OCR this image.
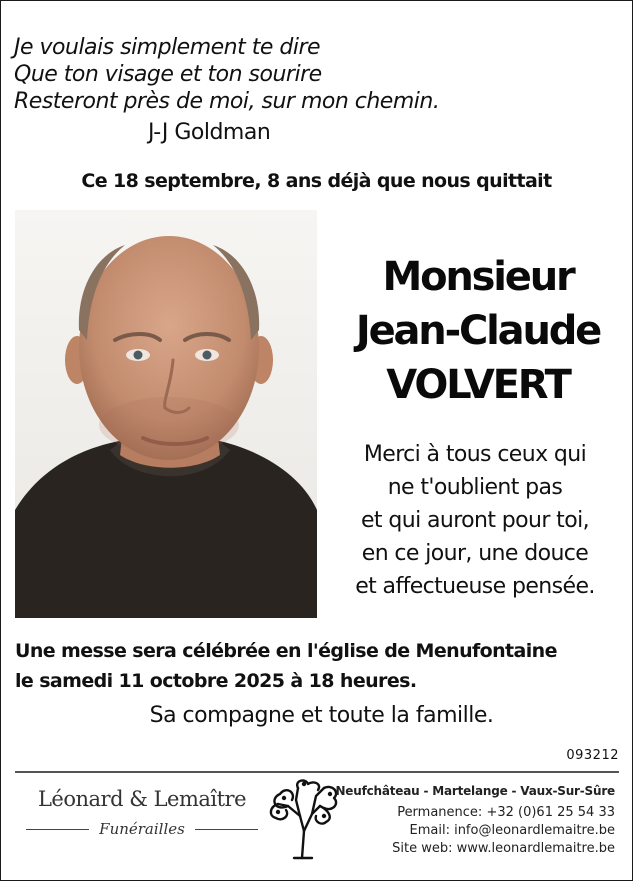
Je voulais simplement te dire
Que ton visage et ton sourire
Resteront près de moi, sur mon chemin.
J-J Goldman
Ce 18 septembre, 8 ans déjà que nous quittait
Monsieur
Jean-Claude
VOLVERT
Merci à tous ceux qui
ne t'oublient pas
et qui auront pour toi,
en ce jour, une douce
et affectueuse pensée.
Une messe sera célébrée en l'église de Menufontaine
le samedi 11 octobre 2025 à 18 heures.
Sa compagne et toute la famille.
093212
Léonard & Lemaître
Funérailles
Neufchâteau - Martelange - Vaux-Sur-Sûre
Permanence: +32 (0)61 25 54 33
Email: info@leonardlemaitre.be
Site web: www.leonardlemaitre.be
